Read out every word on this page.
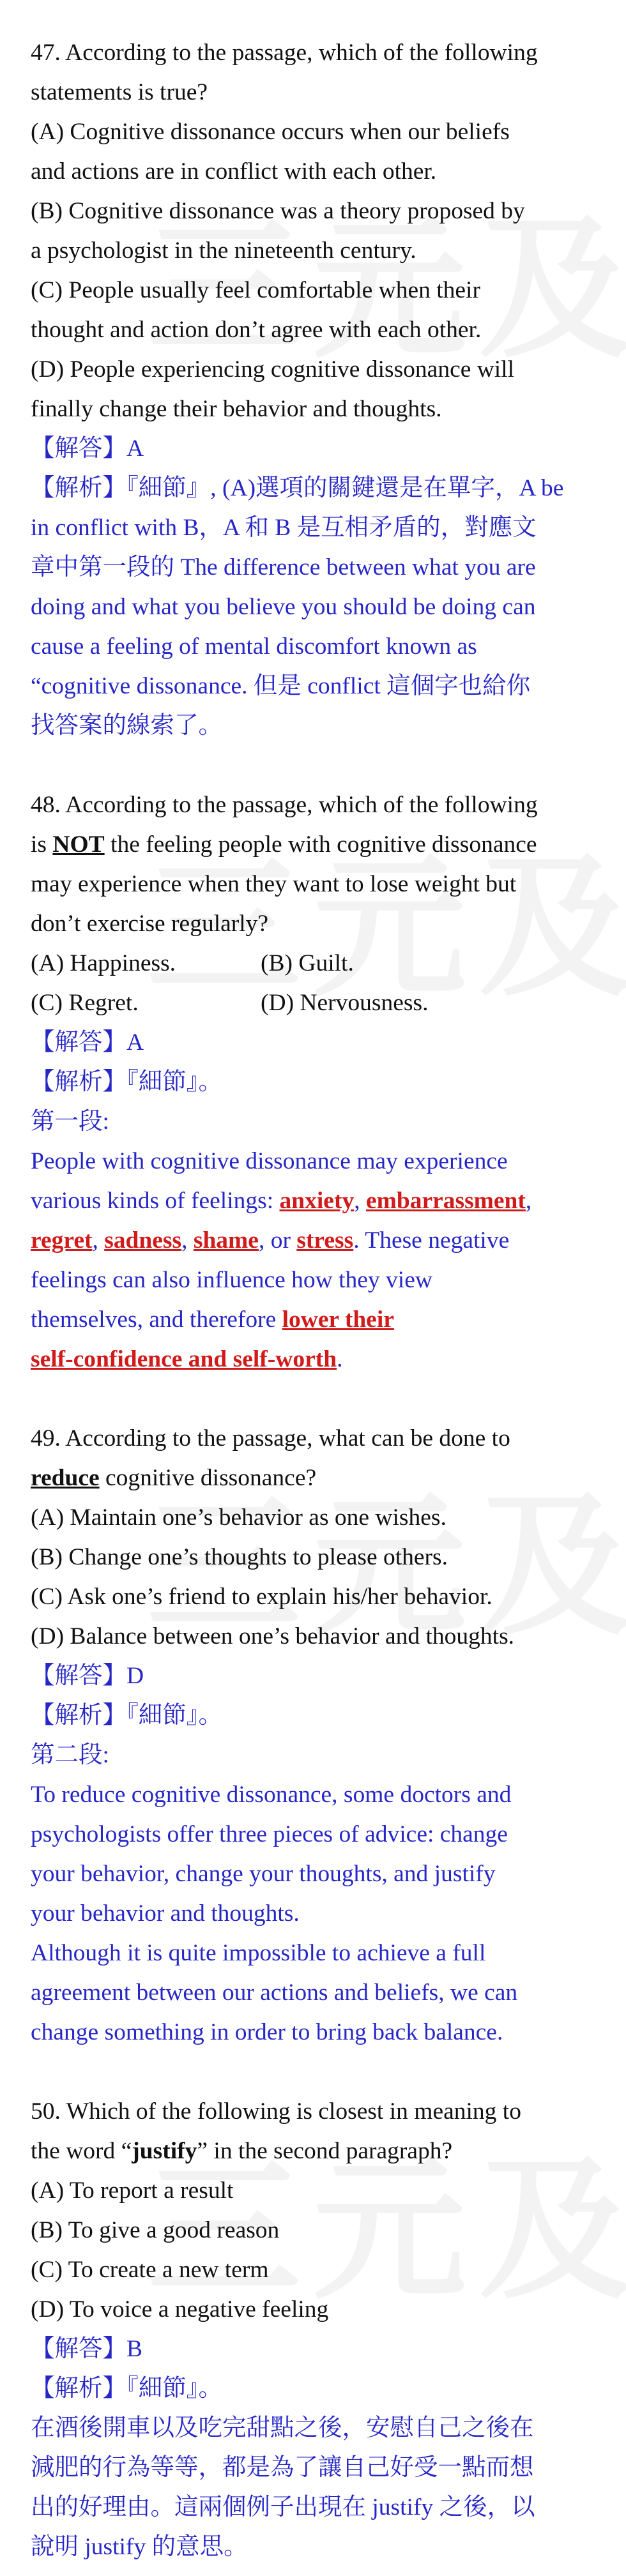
47. According to the passage, which of the following
statements is true?
(A) Cognitive dissonance occurs when our beliefs
and actions are in conflict with each other.
(B) Cognitive dissonance was a theory proposed by
a psychologist in the nineteenth century.
(C) People usually feel comfortable when their
thought and action don’t agree with each other.
(D) People experiencing cognitive dissonance will
finally change their behavior and thoughts.
【解答】A
【解析】『細節』, (A)選項的關鍵還是在單字，A be
in conflict with B，A 和 B 是互相矛盾的，對應文
章中第一段的 The difference between what you are
doing and what you believe you should be doing can
cause a feeling of mental discomfort known as
“cognitive dissonance. 但是 conflict 這個字也給你
找答案的線索了。
48. According to the passage, which of the following
is NOT the feeling people with cognitive dissonance
may experience when they want to lose weight but
don’t exercise regularly?
(A) Happiness.	(B) Guilt.
(C) Regret.	(D) Nervousness.
【解答】A
【解析】『細節』。
第一段:
People with cognitive dissonance may experience
various kinds of feelings: anxiety, embarrassment,
regret, sadness, shame, or stress. These negative
feelings can also influence how they view
themselves, and therefore lower their
self-confidence and self-worth.
49. According to the passage, what can be done to
reduce cognitive dissonance?
(A) Maintain one’s behavior as one wishes.
(B) Change one’s thoughts to please others.
(C) Ask one’s friend to explain his/her behavior.
(D) Balance between one’s behavior and thoughts.
【解答】D
【解析】『細節』。
第二段:
To reduce cognitive dissonance, some doctors and
psychologists offer three pieces of advice: change
your behavior, change your thoughts, and justify
your behavior and thoughts.
Although it is quite impossible to achieve a full
agreement between our actions and beliefs, we can
change something in order to bring back balance.
50. Which of the following is closest in meaning to
the word “justify” in the second paragraph?
(A) To report a result
(B) To give a good reason
(C) To create a new term
(D) To voice a negative feeling
【解答】B
【解析】『細節』。
在酒後開車以及吃完甜點之後，安慰自己之後在
減肥的行為等等，都是為了讓自己好受一點而想
出的好理由。這兩個例子出現在 justify 之後，以
說明 justify 的意思。
